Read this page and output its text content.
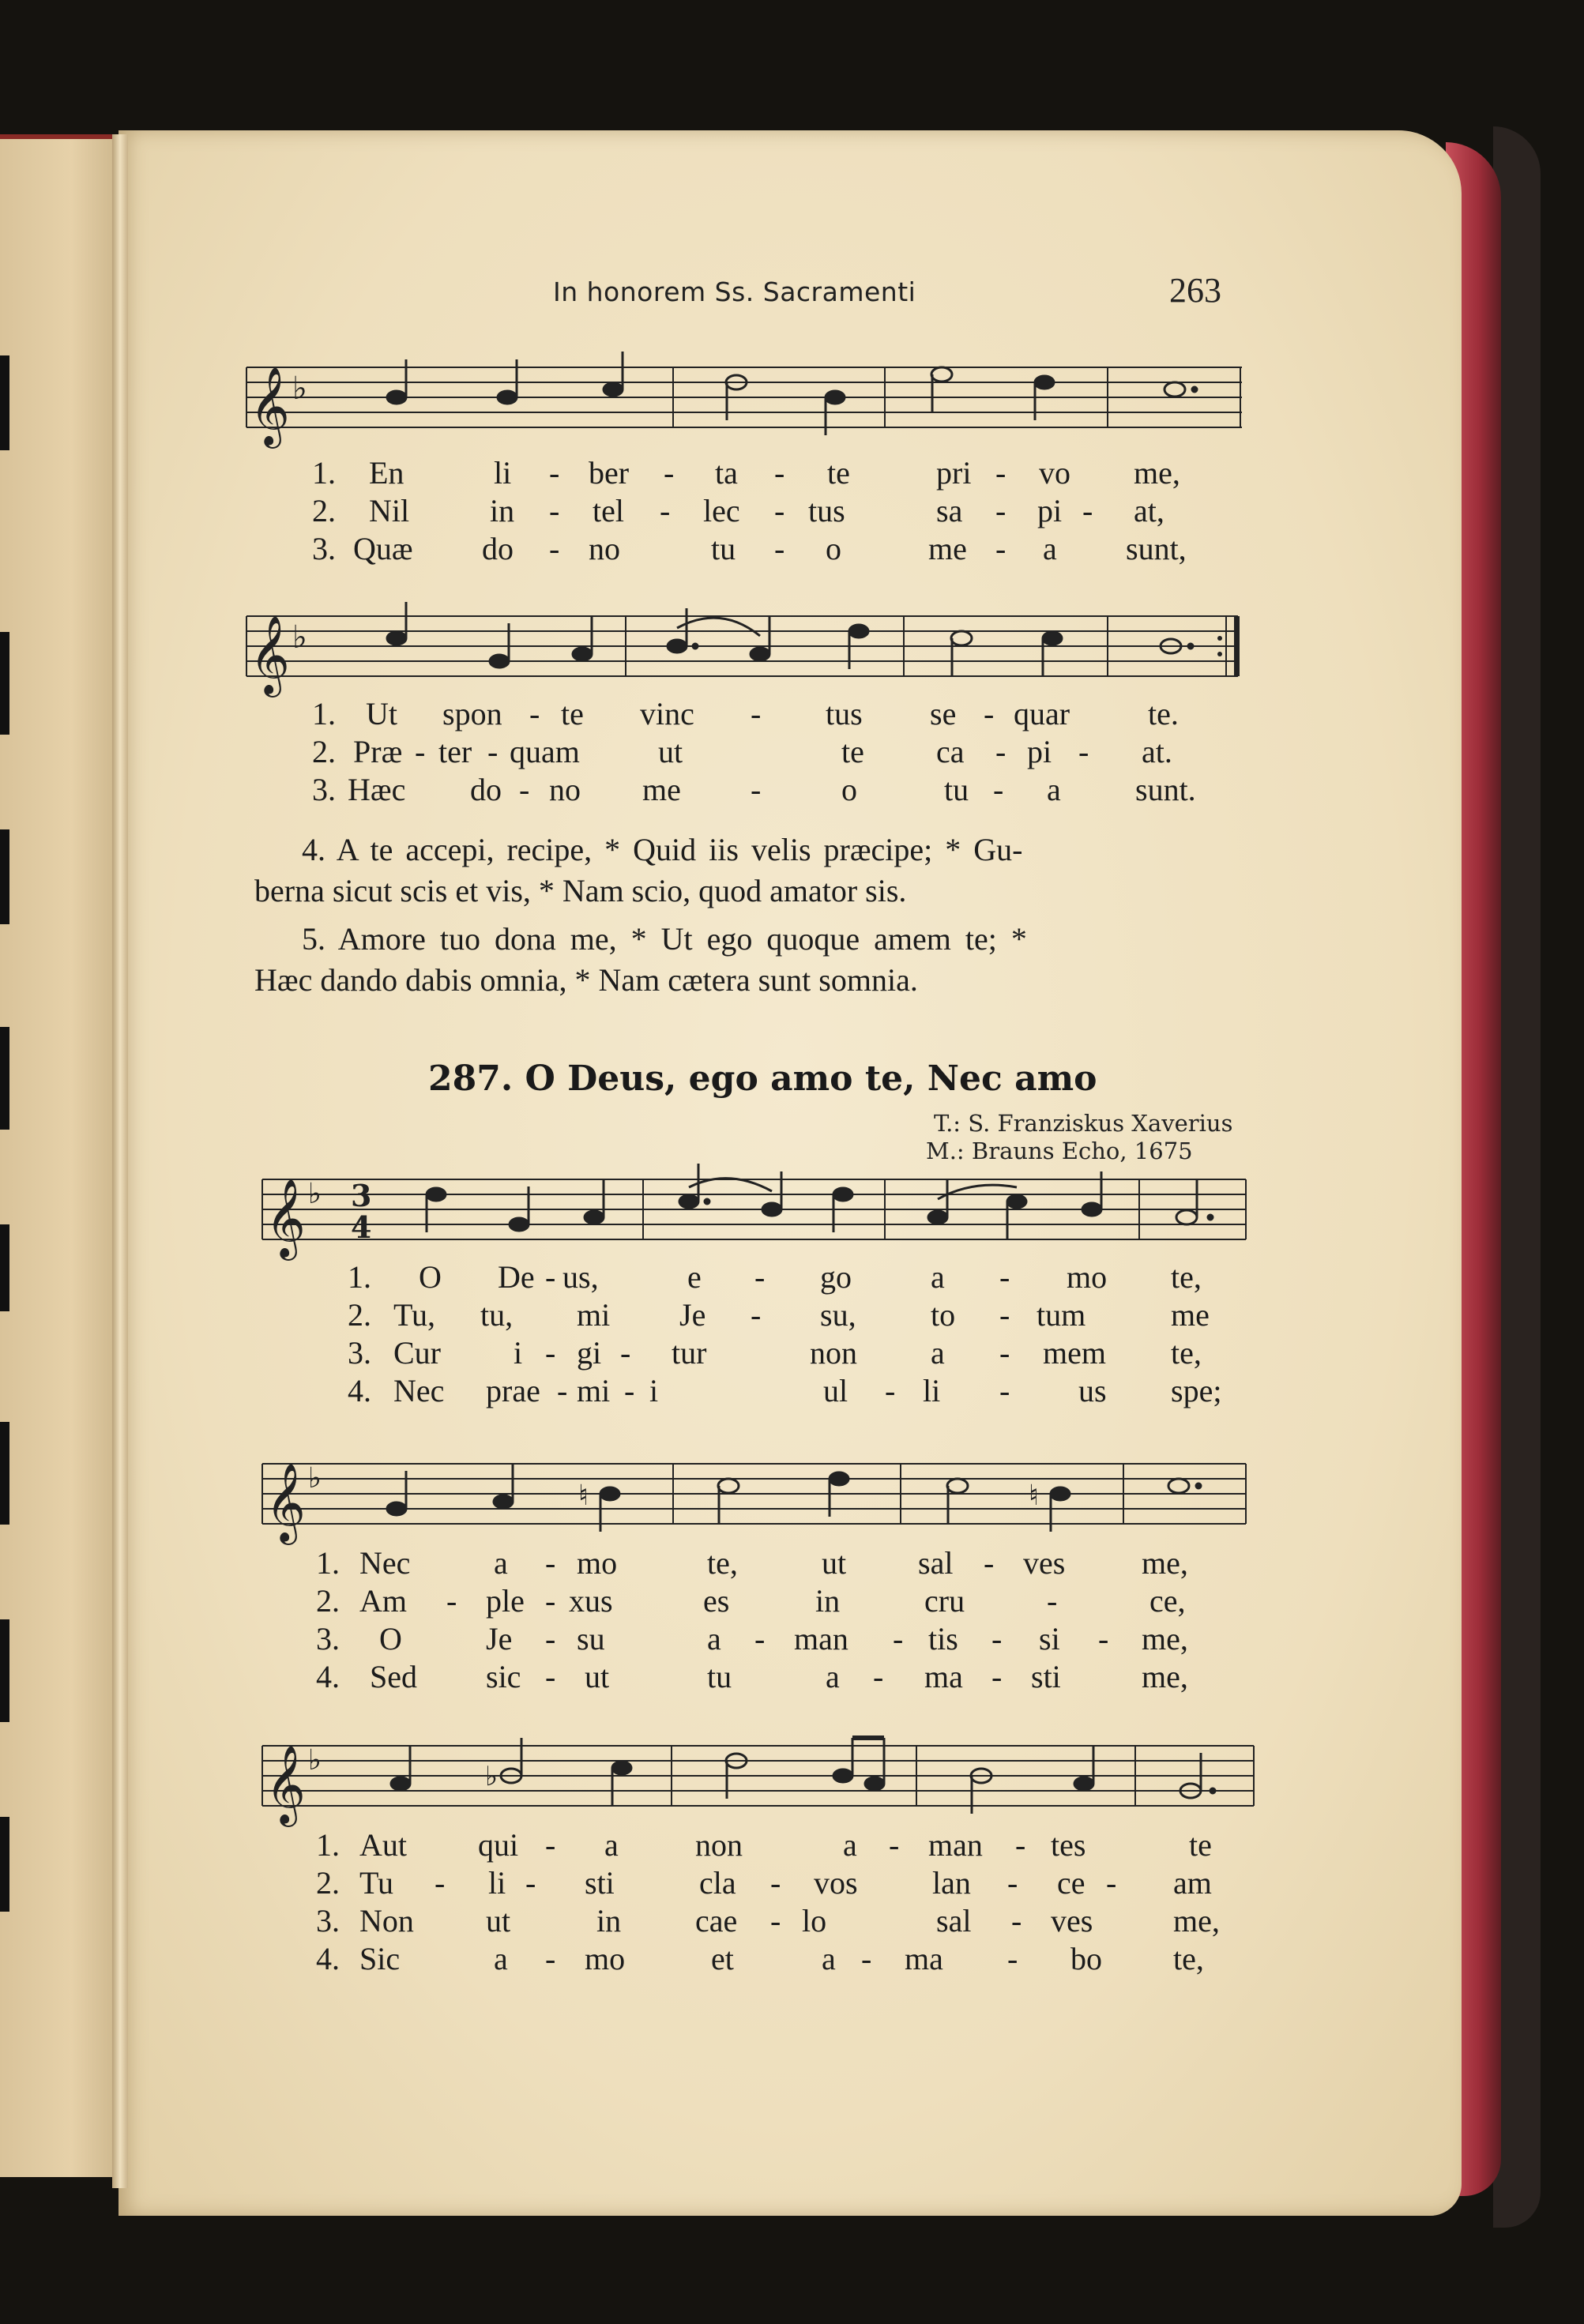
In honorem Ss. Sacramenti	263
𝄞 ♭
1. En	li - ber - ta - te	pri - vo me,
2. Nil	in - tel - lec - tus	sa - pi - at,
3. Quæ do - no	tu - o	me - a sunt,
𝄞 ♭
1. Ut spon - te vinc - tus se - quar te.
2. Præ - ter - quam ut	te ca - pi - at.
3. Hæc do - no me -	o	tu - a sunt.
4. A te accepi, recipe, * Quid iis velis præcipe; * Gu-
berna sicut scis et vis, * Nam scio, quod amator sis.
5. Amore tuo dona me, * Ut ego quoque amem te; *
Hæc dando dabis omnia, * Nam cætera sunt somnia.
287. O Deus, ego amo te, Nec amo
T.: S. Franziskus Xaverius
M.: Brauns Echo, 1675
𝄞 ♭ 3
4
1. O De - us,	e - go	a - mo te,
2. Tu, tu, mi Je - su, to - tum	me
3. Cur i - gi - tur	non a - mem te,
4. Nec prae - mi - i	ul - li - us spe;
𝄞 ♭
♮	♮
1. Nec	a - mo	te,	ut sal - ves me,
2. Am - ple - xus	es	in	cru	-	ce,
3. O	Je - su	a - man - tis - si - me,
4. Sed sic - ut	tu	a - ma - sti	me,
𝄞 ♭	♭
1. Aut qui - a non	a - man - tes	te
2. Tu - li - sti	cla - vos lan - ce - am
3. Non ut	in cae - lo	sal - ves	me,
4. Sic	a - mo	et	a - ma - bo te,
